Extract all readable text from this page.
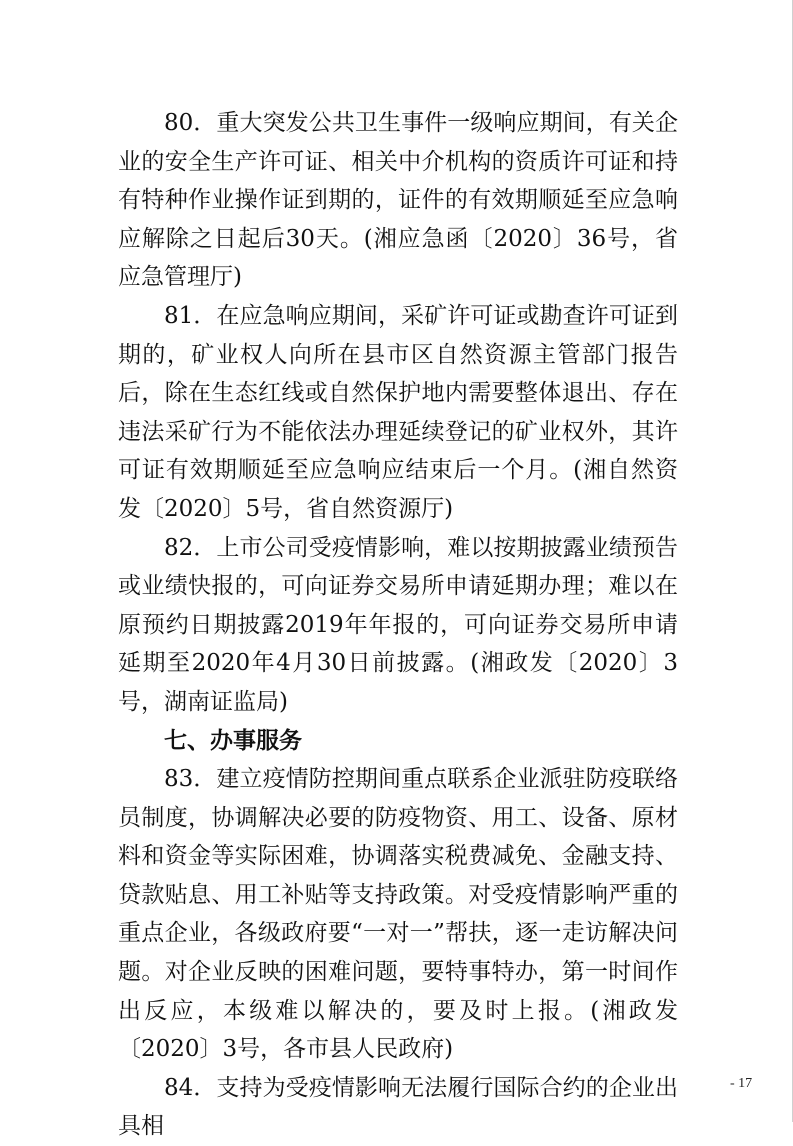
80．重大突发公共卫生事件一级响应期间，有关企业的安全生产许可证、相关中介机构的资质许可证和持有特种作业操作证到期的，证件的有效期顺延至应急响应解除之日起后30天。(湘应急函〔2020〕36号，省应急管理厅)

81．在应急响应期间，采矿许可证或勘查许可证到期的，矿业权人向所在县市区自然资源主管部门报告后，除在生态红线或自然保护地内需要整体退出、存在违法采矿行为不能依法办理延续登记的矿业权外，其许可证有效期顺延至应急响应结束后一个月。(湘自然资发〔2020〕5号，省自然资源厅)

82．上市公司受疫情影响，难以按期披露业绩预告或业绩快报的，可向证券交易所申请延期办理；难以在原预约日期披露2019年年报的，可向证券交易所申请延期至2020年4月30日前披露。(湘政发〔2020〕3号，湖南证监局)

七、办事服务

83．建立疫情防控期间重点联系企业派驻防疫联络员制度，协调解决必要的防疫物资、用工、设备、原材料和资金等实际困难，协调落实税费减免、金融支持、贷款贴息、用工补贴等支持政策。对受疫情影响严重的重点企业，各级政府要“一对一”帮扶，逐一走访解决问题。对企业反映的困难问题，要特事特办，第一时间作出反应，本级难以解决的，要及时上报。(湘政发〔2020〕3号，各市县人民政府)

84．支持为受疫情影响无法履行国际合约的企业出具相

- 17
